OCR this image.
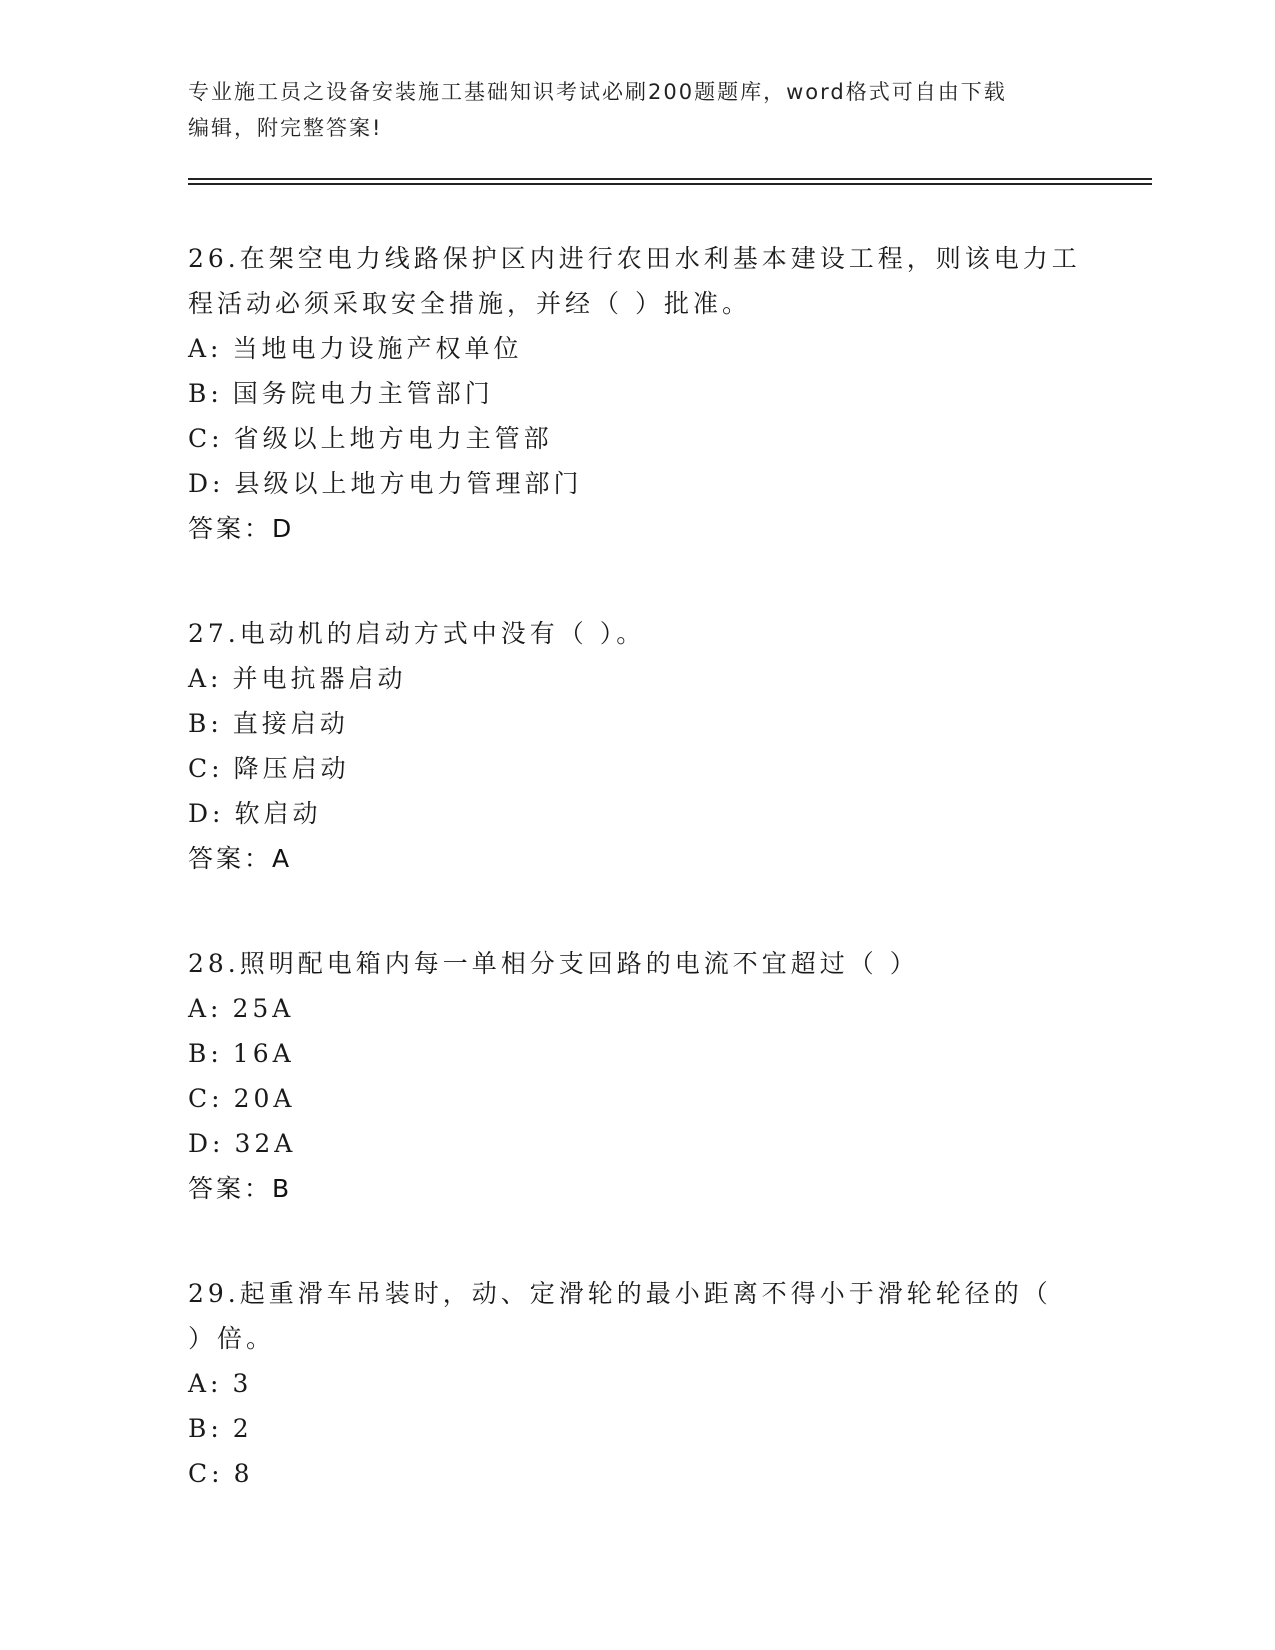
专业施工员之设备安装施工基础知识考试必刷200题题库，word格式可自由下载
编辑，附完整答案!
26.在架空电力线路保护区内进行农田水利基本建设工程，则该电力工
程活动必须采取安全措施，并经（ ）批准。
A: 当地电力设施产权单位
B: 国务院电力主管部门
C: 省级以上地方电力主管部
D: 县级以上地方电力管理部门
答案：D
27.电动机的启动方式中没有（ ）。
A: 并电抗器启动
B: 直接启动
C: 降压启动
D: 软启动
答案：A
28.照明配电箱内每一单相分支回路的电流不宜超过（ ）
A: 25A
B: 16A
C: 20A
D: 32A
答案：B
29.起重滑车吊装时，动、定滑轮的最小距离不得小于滑轮轮径的（
）倍。
A: 3
B: 2
C: 8
